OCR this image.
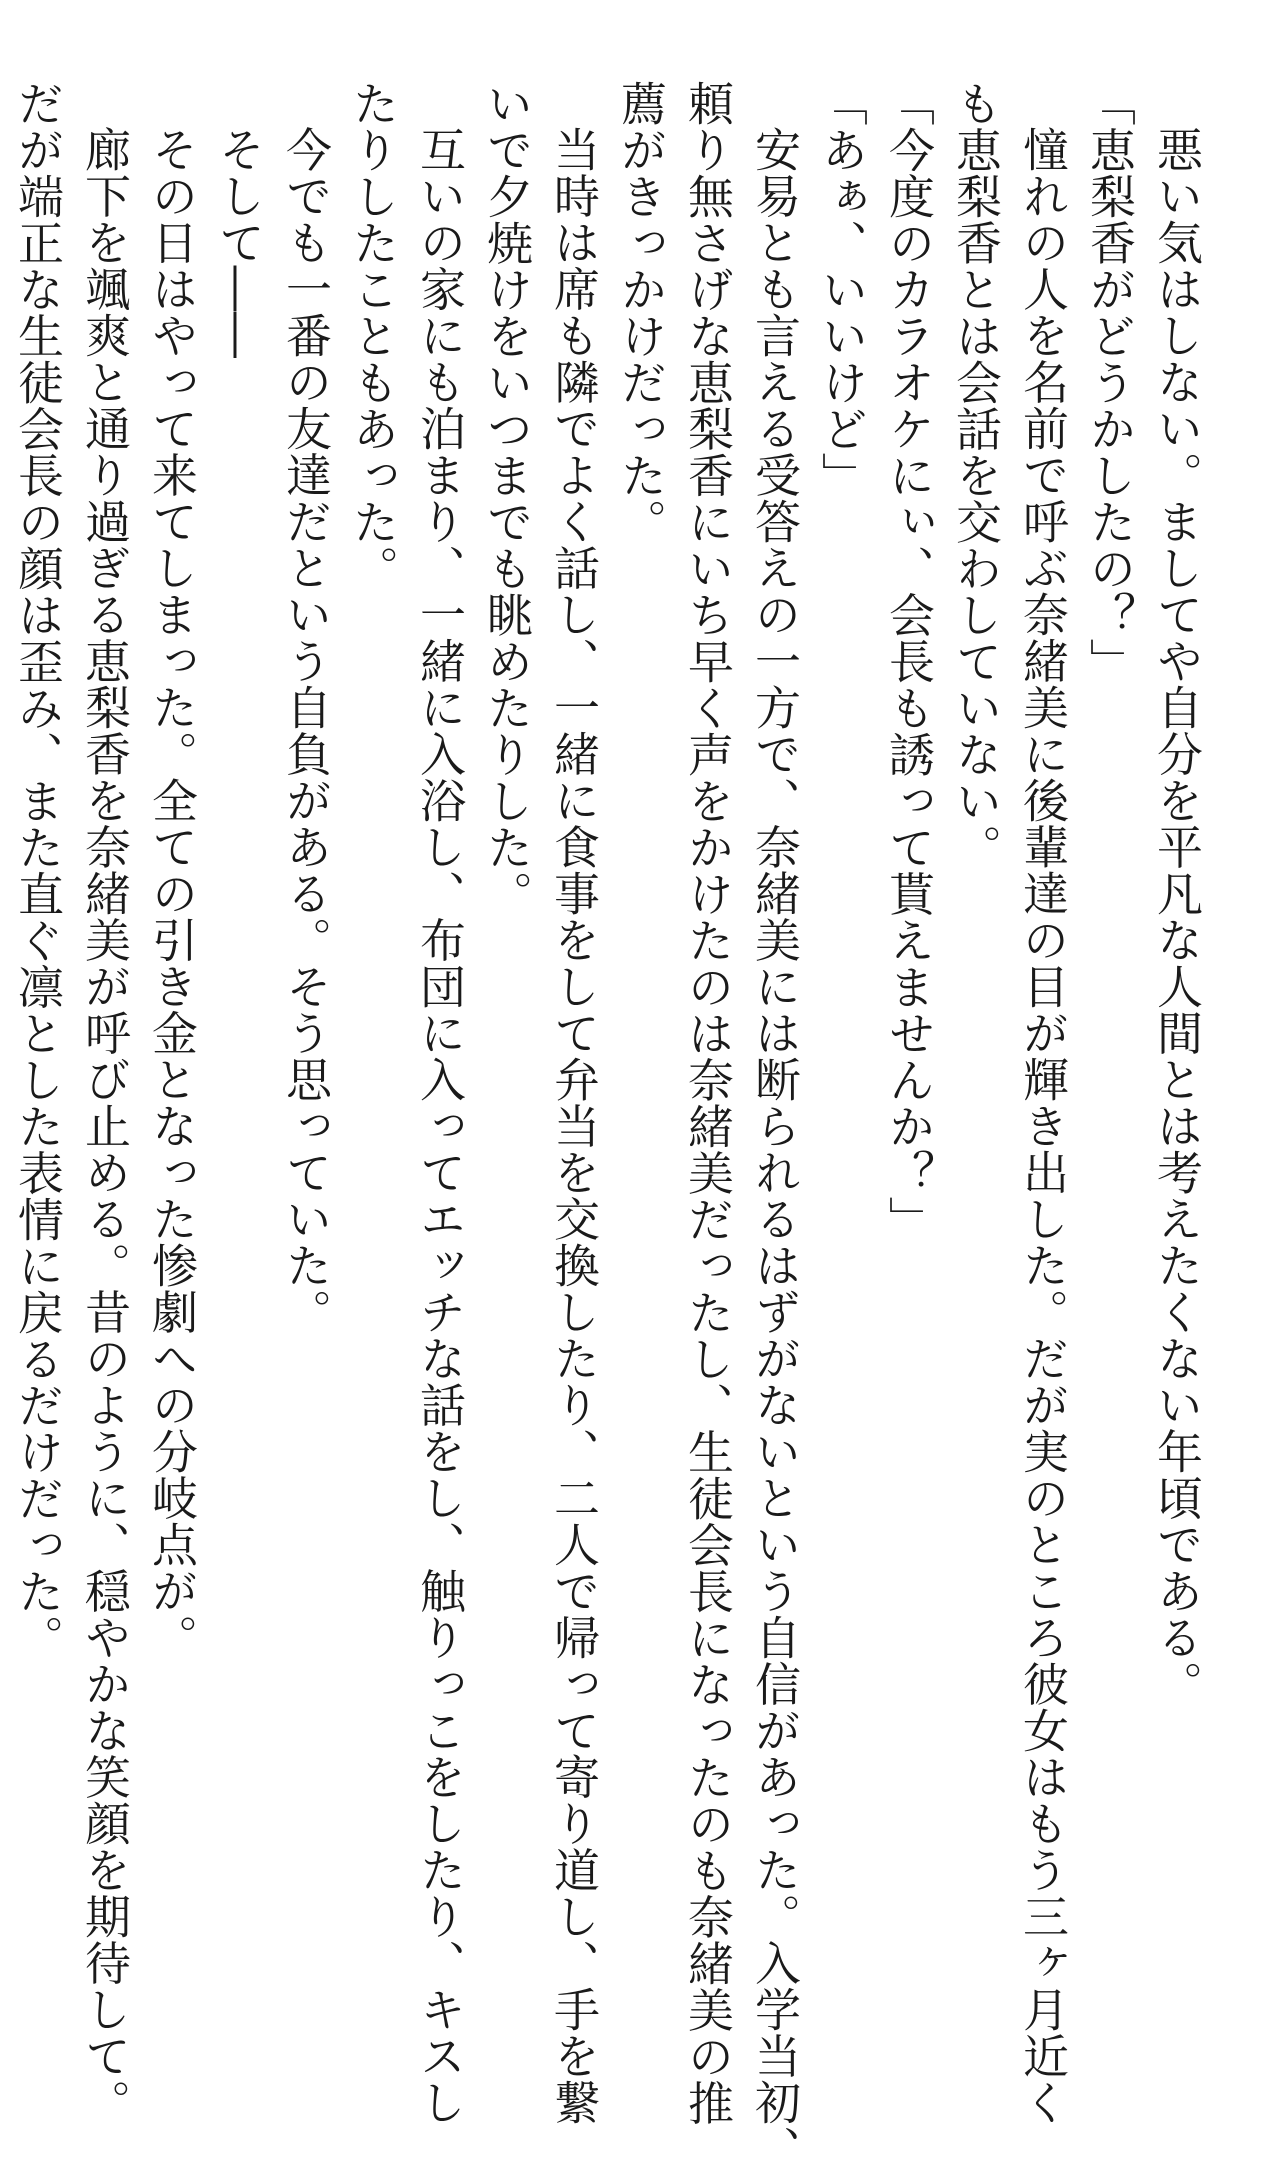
悪い気はしない。ましてや自分を平凡な人間とは考えたくない年頃である。
「恵梨香がどうかしたの？」
憧れの人を名前で呼ぶ奈緒美に後輩達の目が輝き出した。だが実のところ彼女はもう三ヶ月近く
も恵梨香とは会話を交わしていない。
「今度のカラオケにぃ、会長も誘って貰えませんか？」
「あぁ、いいけど」
安易とも言える受答えの一方で、奈緒美には断られるはずがないという自信があった。入学当初、
頼り無さげな恵梨香にいち早く声をかけたのは奈緒美だったし、生徒会長になったのも奈緒美の推
薦がきっかけだった。
当時は席も隣でよく話し、一緒に食事をして弁当を交換したり、二人で帰って寄り道し、手を繋
いで夕焼けをいつまでも眺めたりした。
互いの家にも泊まり、一緒に入浴し、布団に入ってエッチな話をし、触りっこをしたり、キスし
たりしたこともあった。
今でも一番の友達だという自負がある。そう思っていた。
そして――
その日はやって来てしまった。全ての引き金となった惨劇への分岐点が。
廊下を颯爽と通り過ぎる恵梨香を奈緒美が呼び止める。昔のように、穏やかな笑顔を期待して。
だが端正な生徒会長の顔は歪み、また直ぐ凛とした表情に戻るだけだった。
